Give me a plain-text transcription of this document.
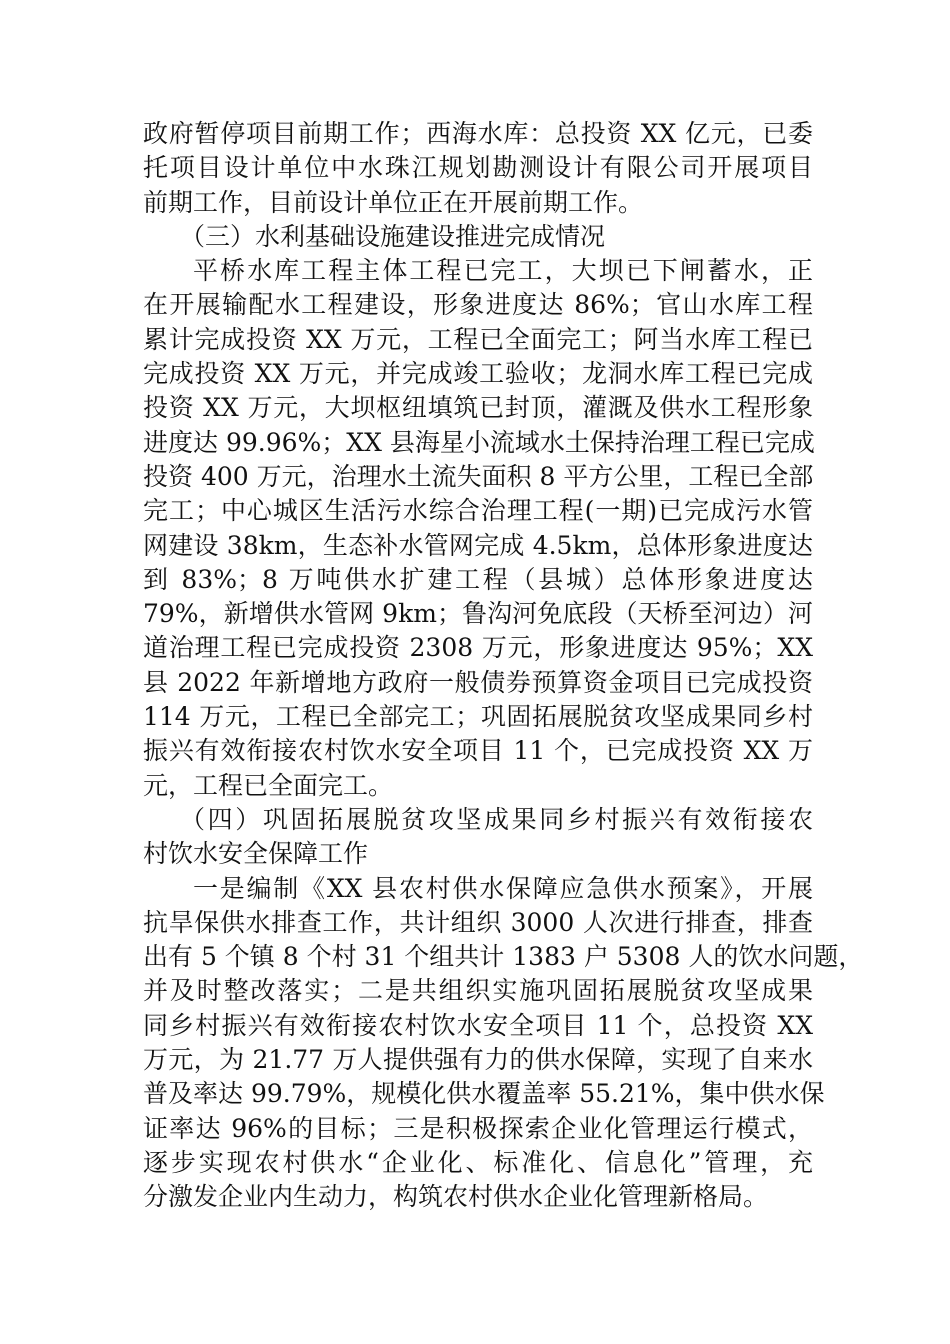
政府暂停项目前期工作；西海水库：总投资 XX 亿元，已委
托项目设计单位中水珠江规划勘测设计有限公司开展项目
前期工作，目前设计单位正在开展前期工作。
（三）水利基础设施建设推进完成情况
平桥水库工程主体工程已完工，大坝已下闸蓄水，正
在开展输配水工程建设，形象进度达 86%；官山水库工程
累计完成投资 XX 万元，工程已全面完工；阿当水库工程已
完成投资 XX 万元，并完成竣工验收；龙洞水库工程已完成
投资 XX 万元，大坝枢纽填筑已封顶，灌溉及供水工程形象
进度达 99.96%；XX 县海星小流域水土保持治理工程已完成
投资 400 万元，治理水土流失面积 8 平方公里，工程已全部
完工；中心城区生活污水综合治理工程(一期)已完成污水管
网建设 38km，生态补水管网完成 4.5km，总体形象进度达
到 83%；8 万吨供水扩建工程（县城）总体形象进度达
79%，新增供水管网 9km；鲁沟河免底段（天桥至河边）河
道治理工程已完成投资 2308 万元，形象进度达 95%；XX
县 2022 年新增地方政府一般债券预算资金项目已完成投资
114 万元，工程已全部完工；巩固拓展脱贫攻坚成果同乡村
振兴有效衔接农村饮水安全项目 11 个，已完成投资 XX 万
元，工程已全面完工。
（四）巩固拓展脱贫攻坚成果同乡村振兴有效衔接农
村饮水安全保障工作
一是编制《XX 县农村供水保障应急供水预案》，开展
抗旱保供水排查工作，共计组织 3000 人次进行排查，排查
出有 5 个镇 8 个村 31 个组共计 1383 户 5308 人的饮水问题，
并及时整改落实；二是共组织实施巩固拓展脱贫攻坚成果
同乡村振兴有效衔接农村饮水安全项目 11 个，总投资 XX
万元，为 21.77 万人提供强有力的供水保障，实现了自来水
普及率达 99.79%，规模化供水覆盖率 55.21%，集中供水保
证率达 96%的目标；三是积极探索企业化管理运行模式，
逐步实现农村供水“企业化、标准化、信息化”管理，充
分激发企业内生动力，构筑农村供水企业化管理新格局。
